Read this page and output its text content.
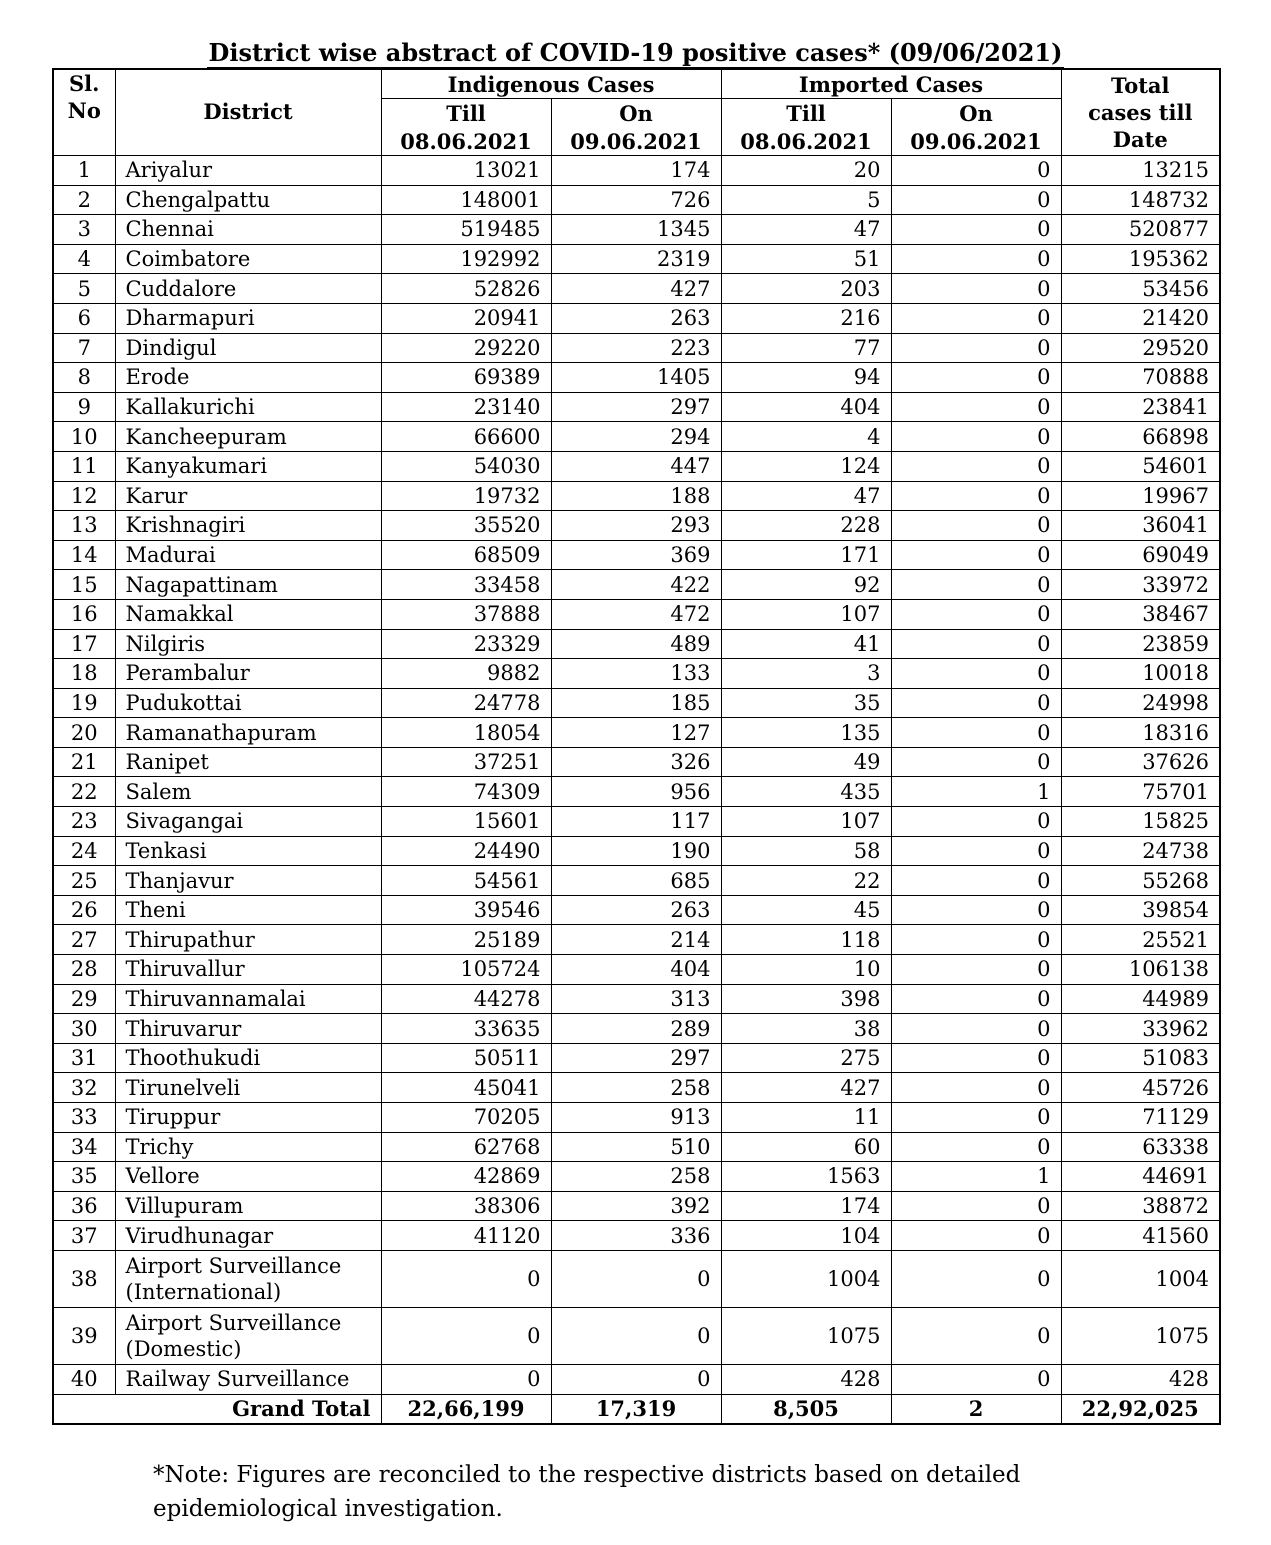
District wise abstract of COVID-19 positive cases* (09/06/2021)
Sl.
No	District	Indigenous Cases		Imported Cases		Total
cases till
Date
		Till	On	Till	On	
		08.06.2021	09.06.2021	08.06.2021	09.06.2021	
1	Ariyalur	13021	174	20	0	13215
2	Chengalpattu	148001	726	5	0	148732
3	Chennai	519485	1345	47	0	520877
4	Coimbatore	192992	2319	51	0	195362
5	Cuddalore	52826	427	203	0	53456
6	Dharmapuri	20941	263	216	0	21420
7	Dindigul	29220	223	77	0	29520
8	Erode	69389	1405	94	0	70888
9	Kallakurichi	23140	297	404	0	23841
10	Kancheepuram	66600	294	4	0	66898
11	Kanyakumari	54030	447	124	0	54601
12	Karur	19732	188	47	0	19967
13	Krishnagiri	35520	293	228	0	36041
14	Madurai	68509	369	171	0	69049
15	Nagapattinam	33458	422	92	0	33972
16	Namakkal	37888	472	107	0	38467
17	Nilgiris	23329	489	41	0	23859
18	Perambalur	9882	133	3	0	10018
19	Pudukottai	24778	185	35	0	24998
20	Ramanathapuram	18054	127	135	0	18316
21	Ranipet	37251	326	49	0	37626
22	Salem	74309	956	435	1	75701
23	Sivagangai	15601	117	107	0	15825
24	Tenkasi	24490	190	58	0	24738
25	Thanjavur	54561	685	22	0	55268
26	Theni	39546	263	45	0	39854
27	Thirupathur	25189	214	118	0	25521
28	Thiruvallur	105724	404	10	0	106138
29	Thiruvannamalai	44278	313	398	0	44989
30	Thiruvarur	33635	289	38	0	33962
31	Thoothukudi	50511	297	275	0	51083
32	Tirunelveli	45041	258	427	0	45726
33	Tiruppur	70205	913	11	0	71129
34	Trichy	62768	510	60	0	63338
35	Vellore	42869	258	1563	1	44691
36	Villupuram	38306	392	174	0	38872
37	Virudhunagar	41120	336	104	0	41560
38	Airport Surveillance
(International)	0	0	1004	0	1004
39	Airport Surveillance
(Domestic)	0	0	1075	0	1075
40	Railway Surveillance	0	0	428	0	428
Grand Total		22,66,199	17,319	8,505	2	22,92,025
*Note: Figures are reconciled to the respective districts based on detailed
epidemiological investigation.
